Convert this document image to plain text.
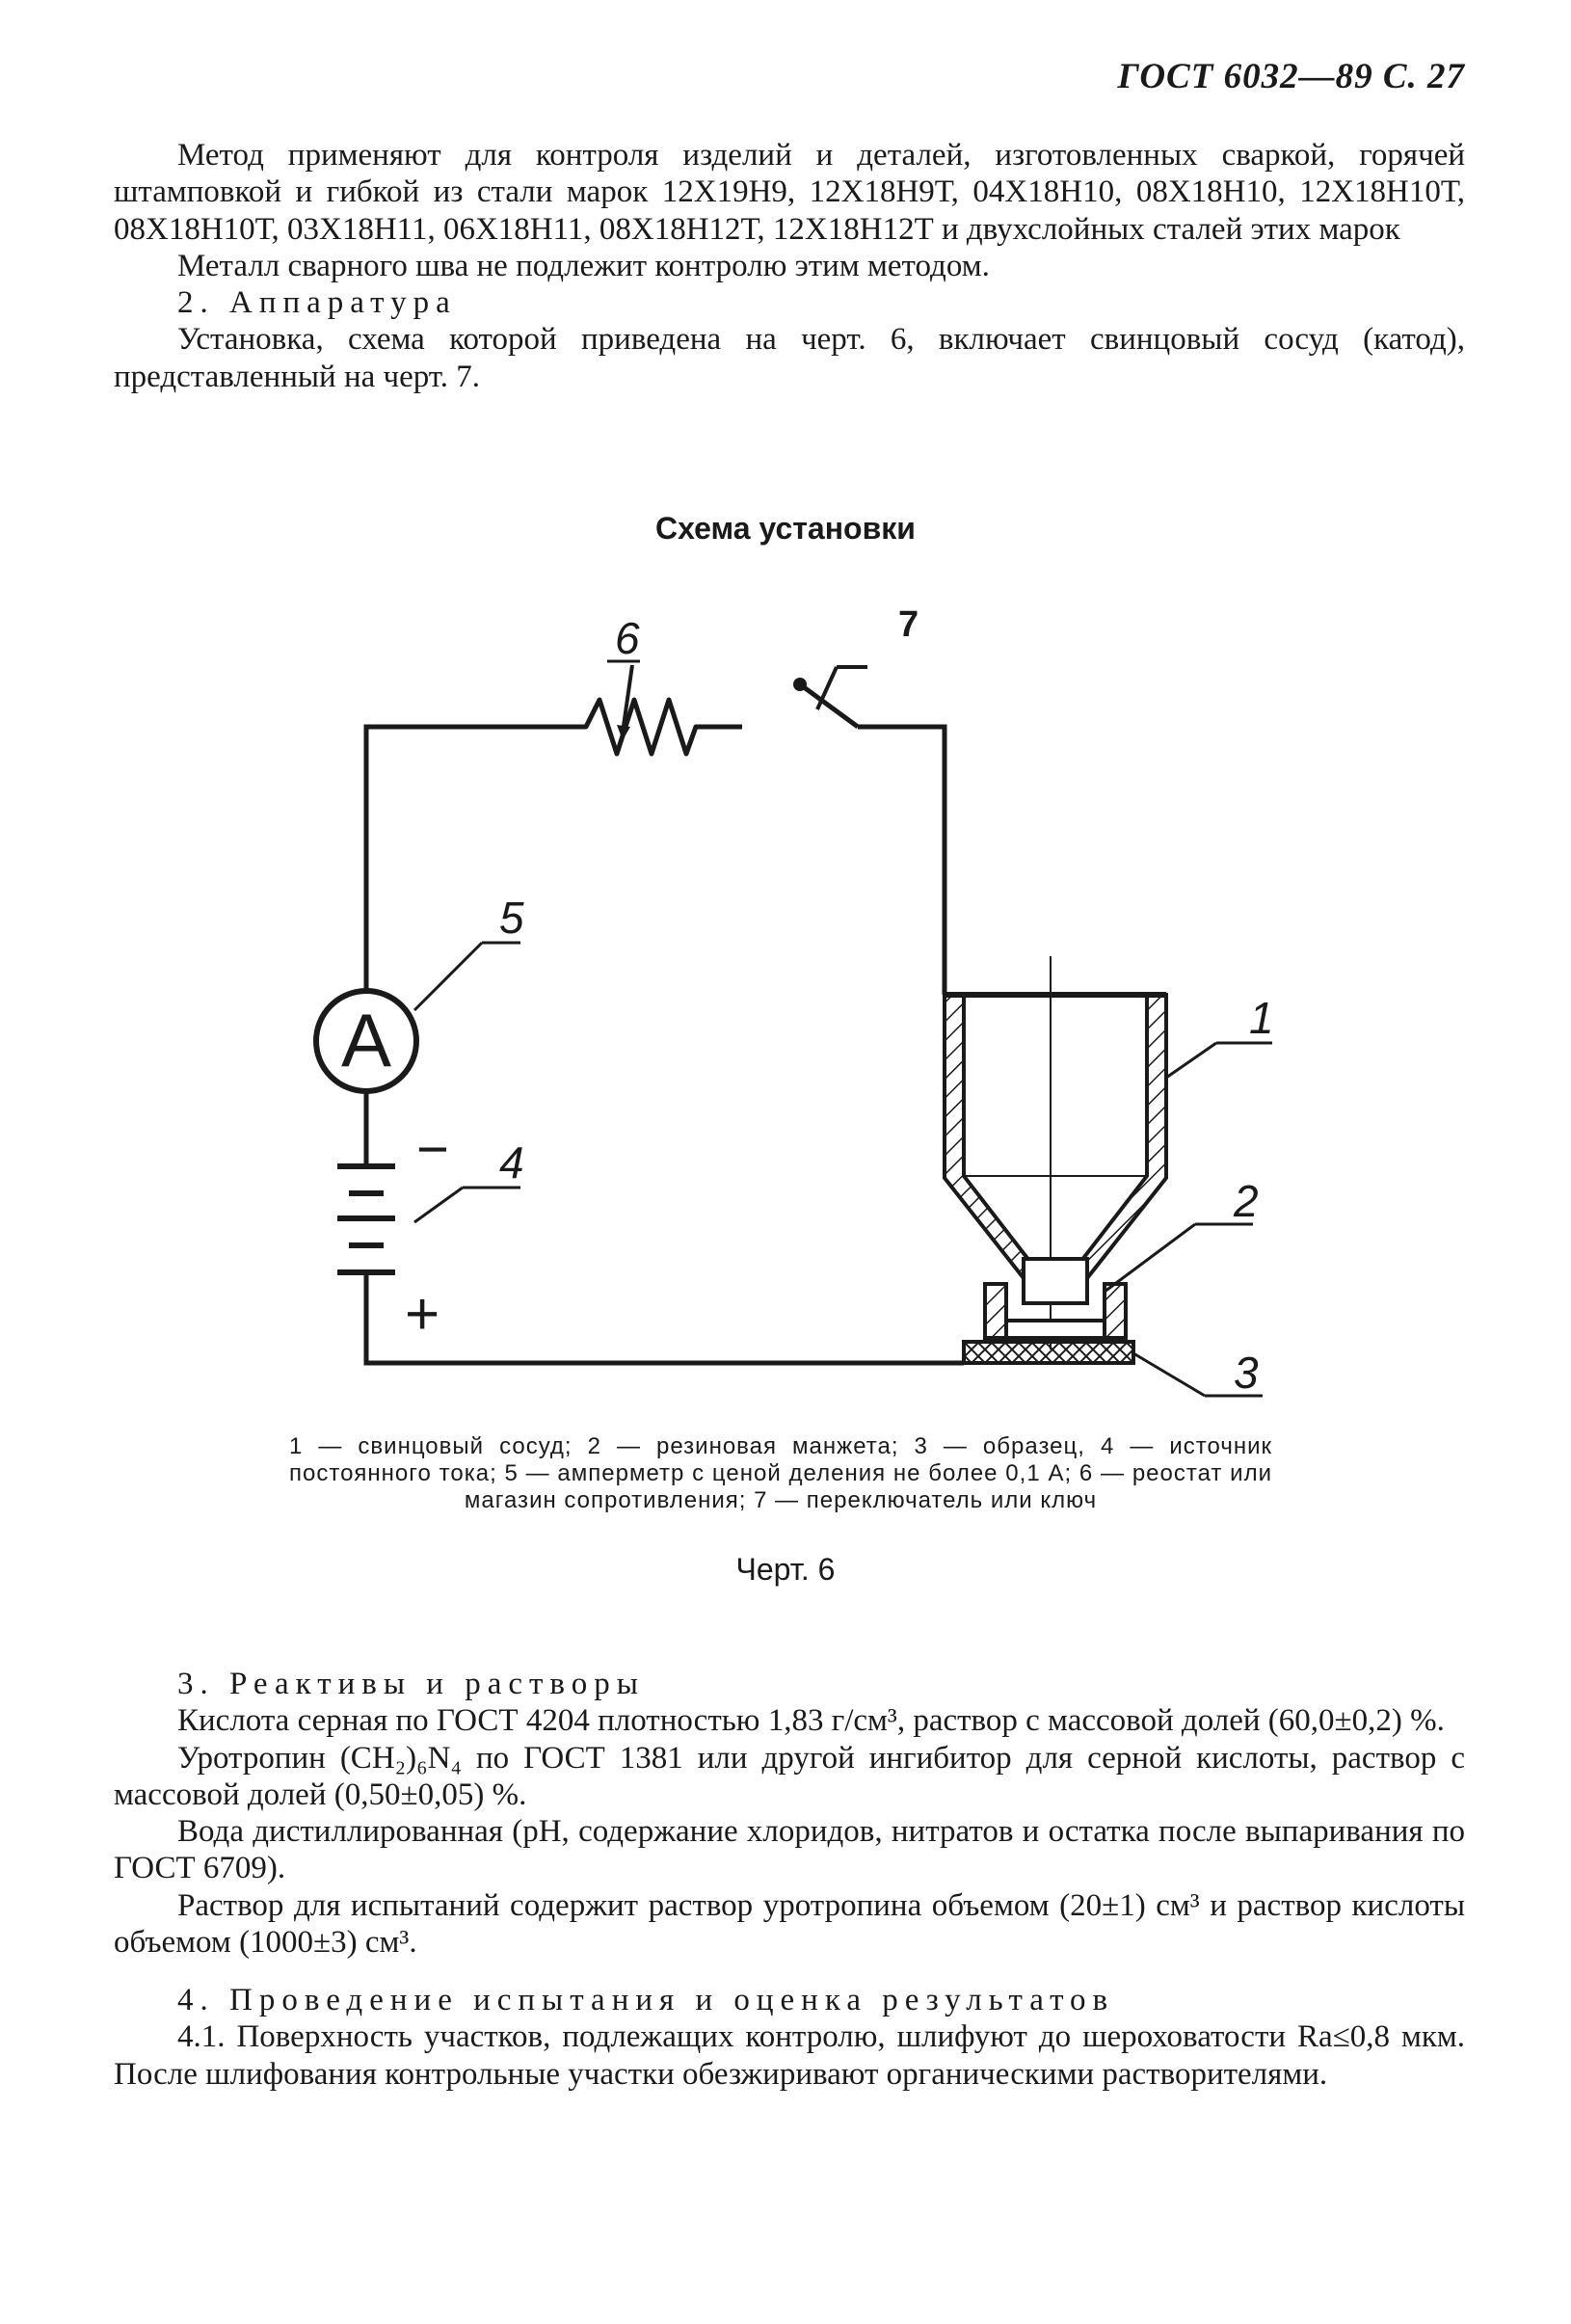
ГОСТ 6032—89 С. 27

Метод применяют для контроля изделий и деталей, изготовленных сваркой, горячей штамповкой и гибкой из стали марок 12Х19Н9, 12Х18Н9Т, 04Х18Н10, 08Х18Н10, 12Х18Н10Т, 08Х18Н10Т, 03Х18Н11, 06Х18Н11, 08Х18Н12Т, 12Х18Н12Т и двухслойных сталей этих марок

Металл сварного шва не подлежит контролю этим методом.

2. Аппаратура

Установка, схема которой приведена на черт. 6, включает свинцовый сосуд (катод), представленный на черт. 7.

Схема установки
A
6	7
5
4
−
+
1
2
3
1 — свинцовый сосуд; 2 — резиновая манжета; 3 — образец, 4 — источник постоянного тока; 5 — амперметр с ценой деления не более 0,1 А; 6 — реостат или магазин сопротивления; 7 — переключатель или ключ
Черт. 6

3. Реактивы и растворы

Кислота серная по ГОСТ 4204 плотностью 1,83 г/см³, раствор с массовой долей (60,0±0,2) %.

Уротропин (CH₂)₆N₄ по ГОСТ 1381 или другой ингибитор для серной кислоты, раствор с массовой долей (0,50±0,05) %.

Вода дистиллированная (pH, содержание хлоридов, нитратов и остатка после выпаривания по ГОСТ 6709).

Раствор для испытаний содержит раствор уротропина объемом (20±1) см³ и раствор кислоты объемом (1000±3) см³.

4. Проведение испытания и оценка результатов

4.1. Поверхность участков, подлежащих контролю, шлифуют до шероховатости Ra≤0,8 мкм. После шлифования контрольные участки обезжиривают органическими растворителями.
